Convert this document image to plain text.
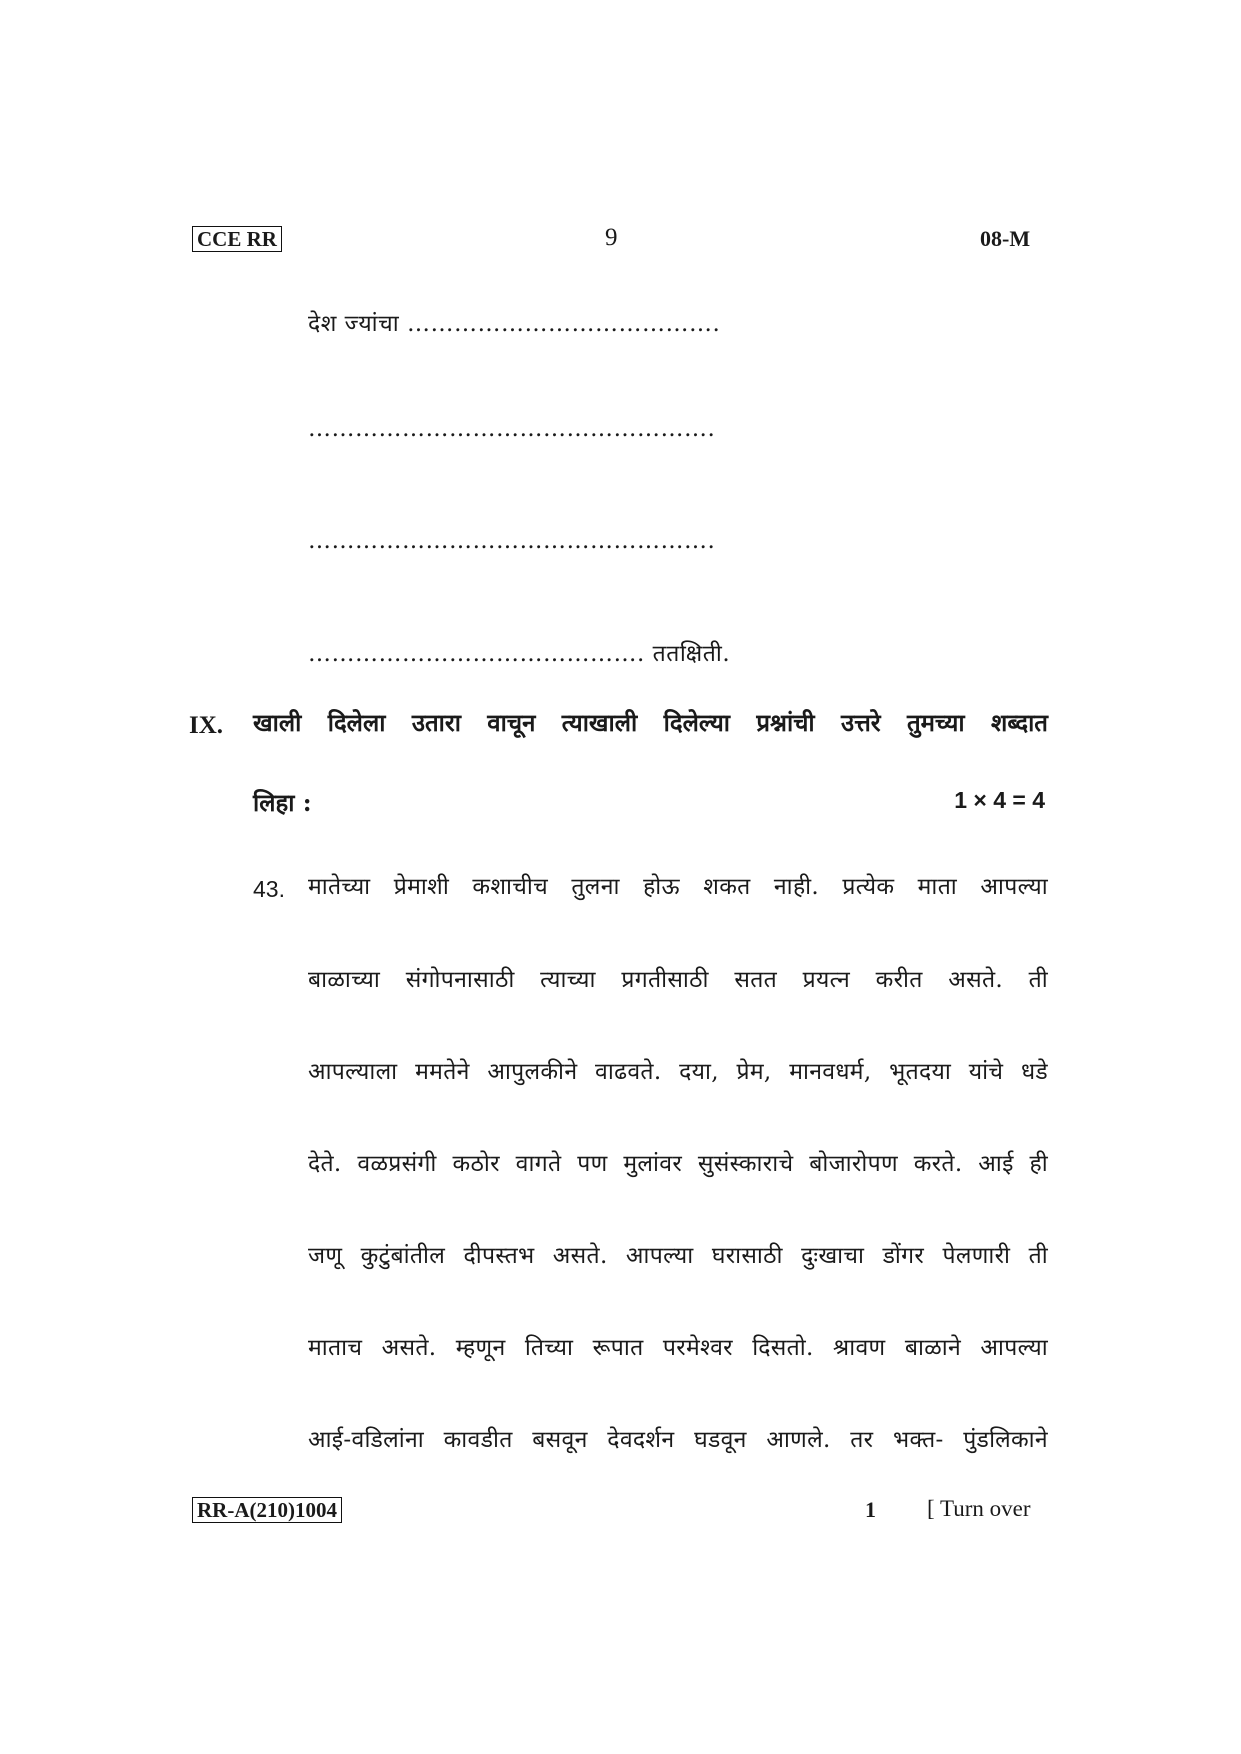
CCE RR	9	08-M
देश ज्यांचा ………………………………….
…………………………………………….
…………………………………………….
……………………………………. ततक्षिती.
IX. खाली दिलेला उतारा वाचून त्याखाली दिलेल्या प्रश्नांची उत्तरे तुमच्या शब्दात
लिहा :	1 × 4 = 4
43. मातेच्या प्रेमाशी कशाचीच तुलना होऊ शकत नाही. प्रत्येक माता आपल्या
बाळाच्या संगोपनासाठी त्याच्या प्रगतीसाठी सतत प्रयत्न करीत असते. ती
आपल्याला ममतेने आपुलकीने वाढवते. दया, प्रेम, मानवधर्म, भूतदया यांचे धडे
देते. वळप्रसंगी कठोर वागते पण मुलांवर सुसंस्काराचे बोजारोपण करते. आई ही
जणू कुटुंबांतील दीपस्तभ असते. आपल्या घरासाठी दुःखाचा डोंगर पेलणारी ती
माताच असते. म्हणून तिच्या रूपात परमेश्वर दिसतो. श्रावण बाळाने आपल्या
आई-वडिलांना कावडीत बसवून देवदर्शन घडवून आणले. तर भक्त- पुंडलिकाने
RR-A(210)1004	1 [ Turn over
